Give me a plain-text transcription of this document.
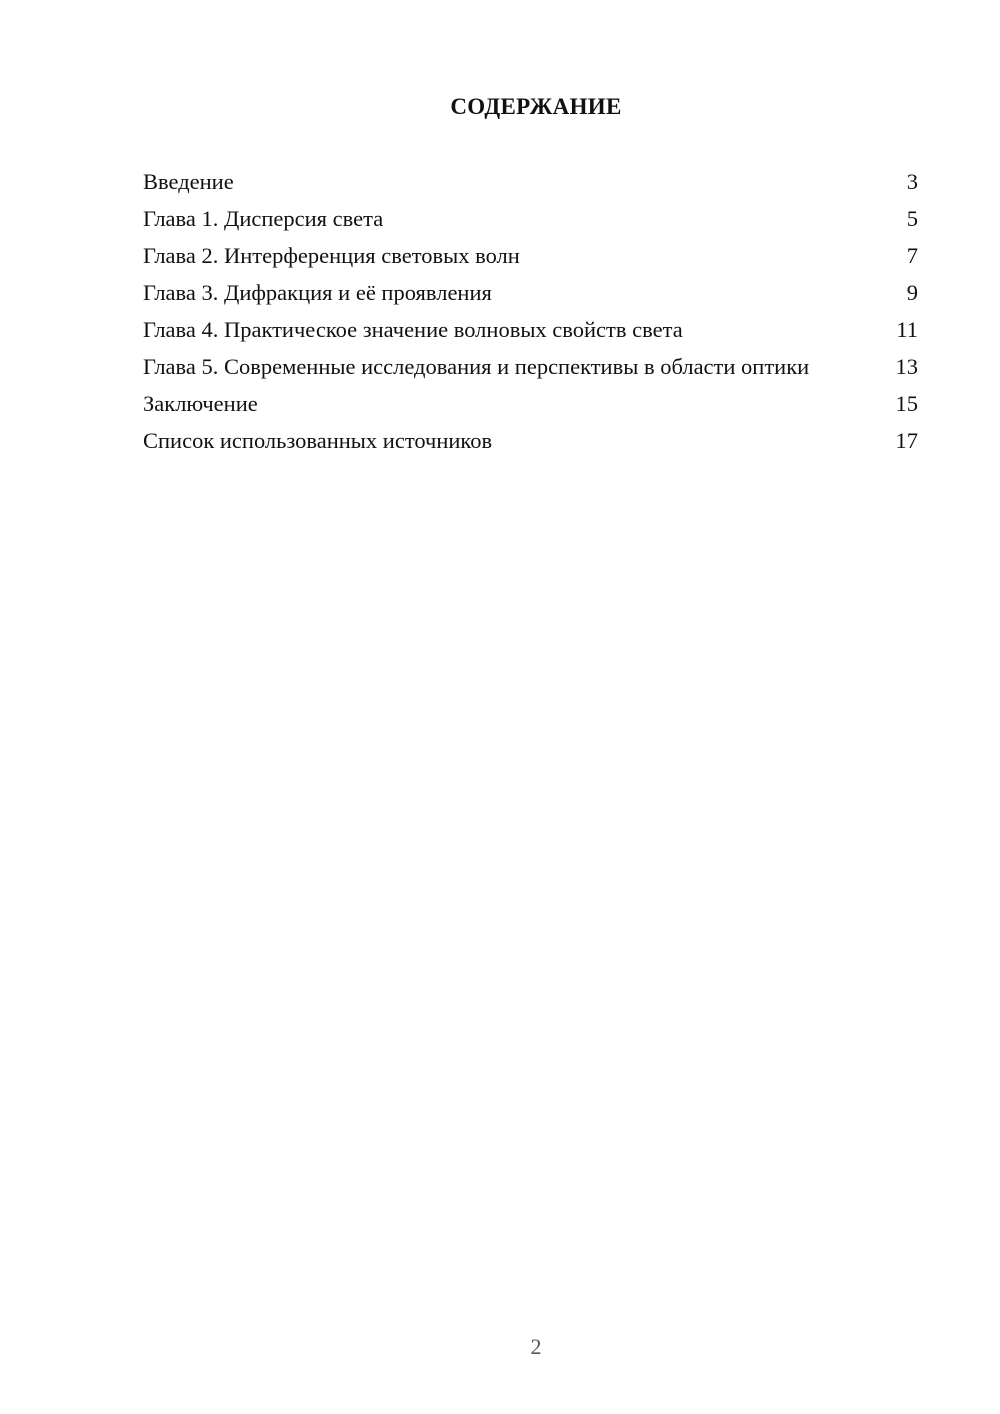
СОДЕРЖАНИЕ
Введение	3
Глава 1. Дисперсия света	5
Глава 2. Интерференция световых волн	7
Глава 3. Дифракция и её проявления	9
Глава 4. Практическое значение волновых свойств света	11
Глава 5. Современные исследования и перспективы в области оптики	13
Заключение	15
Список использованных источников	17
2
